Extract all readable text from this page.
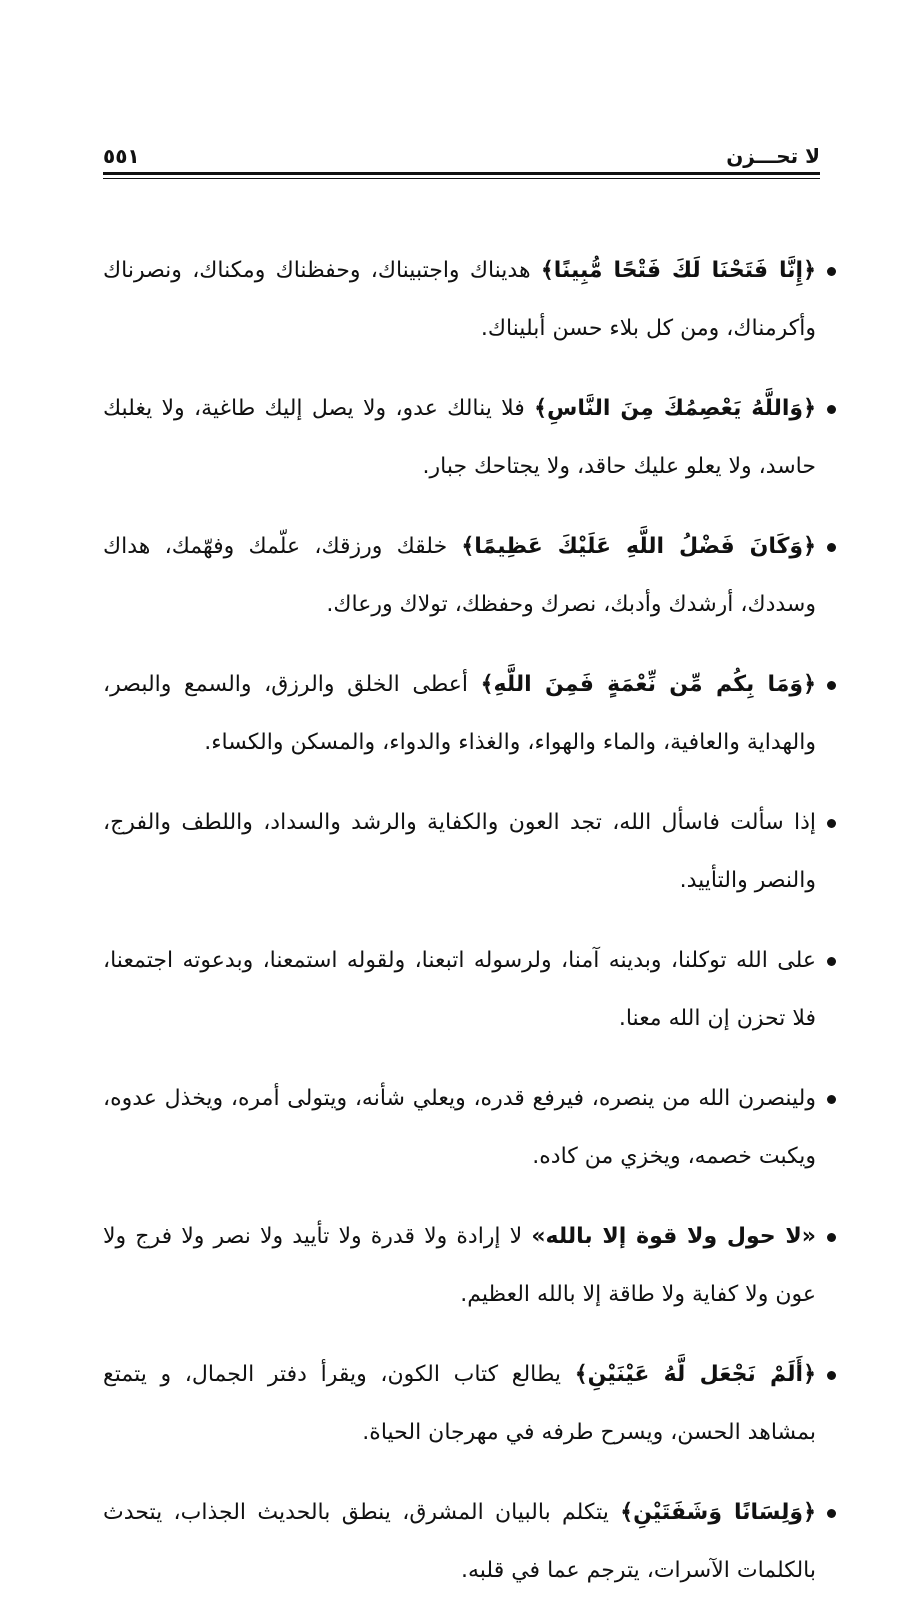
لا تحـــزن
٥٥١

﴿إِنَّا فَتَحْنَا لَكَ فَتْحًا مُّبِينًا﴾ هديناك واجتبيناك، وحفظناك ومكناك، ونصرناك وأكرمناك، ومن كل بلاء حسن أبليناك.

﴿وَاللَّهُ يَعْصِمُكَ مِنَ النَّاسِ﴾ فلا ينالك عدو، ولا يصل إليك طاغية، ولا يغلبك حاسد، ولا يعلو عليك حاقد، ولا يجتاحك جبار.

﴿وَكَانَ فَضْلُ اللَّهِ عَلَيْكَ عَظِيمًا﴾ خلقك ورزقك، علّمك وفهّمك، هداك وسددك، أرشدك وأدبك، نصرك وحفظك، تولاك ورعاك.

﴿وَمَا بِكُم مِّن نِّعْمَةٍ فَمِنَ اللَّهِ﴾ أعطى الخلق والرزق، والسمع والبصر، والهداية والعافية، والماء والهواء، والغذاء والدواء، والمسكن والكساء.

إذا سألت فاسأل الله، تجد العون والكفاية والرشد والسداد، واللطف والفرج، والنصر والتأييد.

على الله توكلنا، وبدينه آمنا، ولرسوله اتبعنا، ولقوله استمعنا، وبدعوته اجتمعنا، فلا تحزن إن الله معنا.

ولينصرن الله من ينصره، فيرفع قدره، ويعلي شأنه، ويتولى أمره، ويخذل عدوه، ويكبت خصمه، ويخزي من كاده.

«لا حول ولا قوة إلا بالله» لا إرادة ولا قدرة ولا تأييد ولا نصر ولا فرج ولا عون ولا كفاية ولا طاقة إلا بالله العظيم.

﴿أَلَمْ نَجْعَل لَّهُ عَيْنَيْنِ﴾ يطالع كتاب الكون، ويقرأ دفتر الجمال، و يتمتع بمشاهد الحسن، ويسرح طرفه في مهرجان الحياة.

﴿وَلِسَانًا وَشَفَتَيْنِ﴾ يتكلم بالبيان المشرق، ينطق بالحديث الجذاب، يتحدث بالكلمات الآسرات، يترجم عما في قلبه.
